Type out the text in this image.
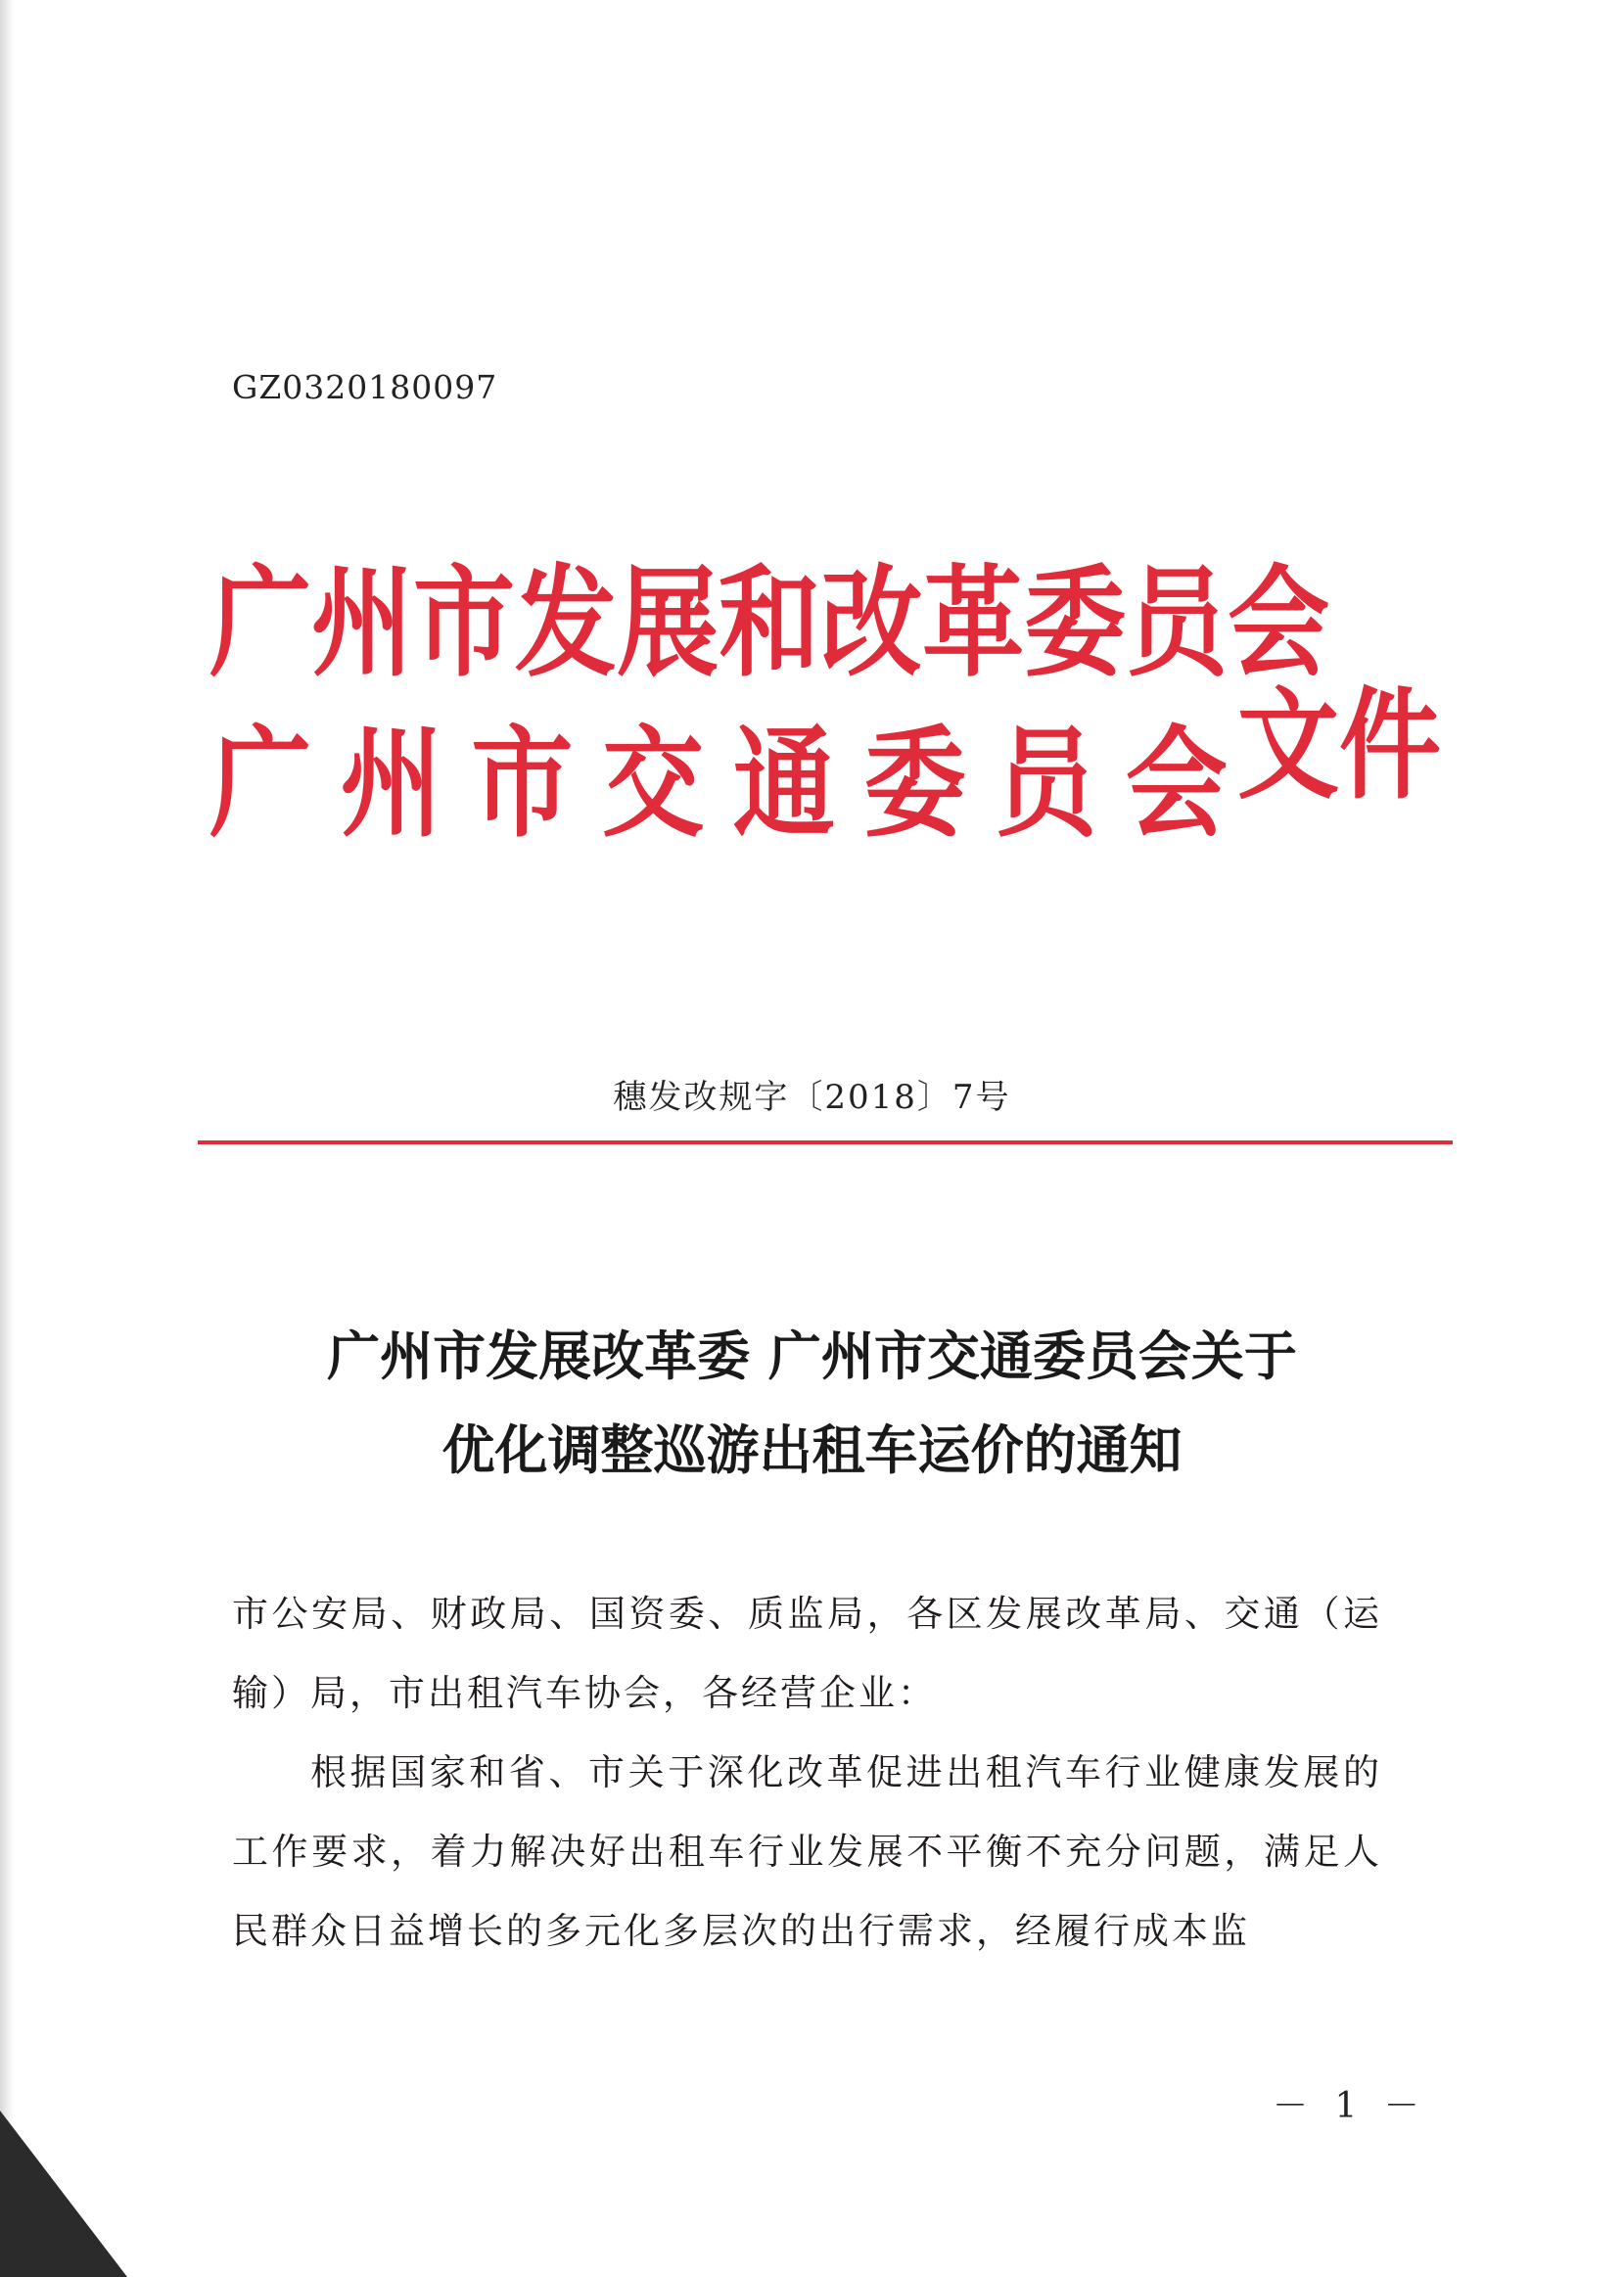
GZ0320180097
广 州 市 发 展 和 改 革 委 员 会
广 州 市 交 通 委 员 会 文件
穗发改规字〔2018〕7号
广州市发展改革委 广州市交通委员会关于
优化调整巡游出租车运价的通知

市公安局、财政局、国资委、质监局，各区发展改革局、交通（运输）局，市出租汽车协会，各经营企业：

根据国家和省、市关于深化改革促进出租汽车行业健康发展的工作要求，着力解决好出租车行业发展不平衡不充分问题，满足人民群众日益增长的多元化多层次的出行需求，经履行成本监

－ 1 －
